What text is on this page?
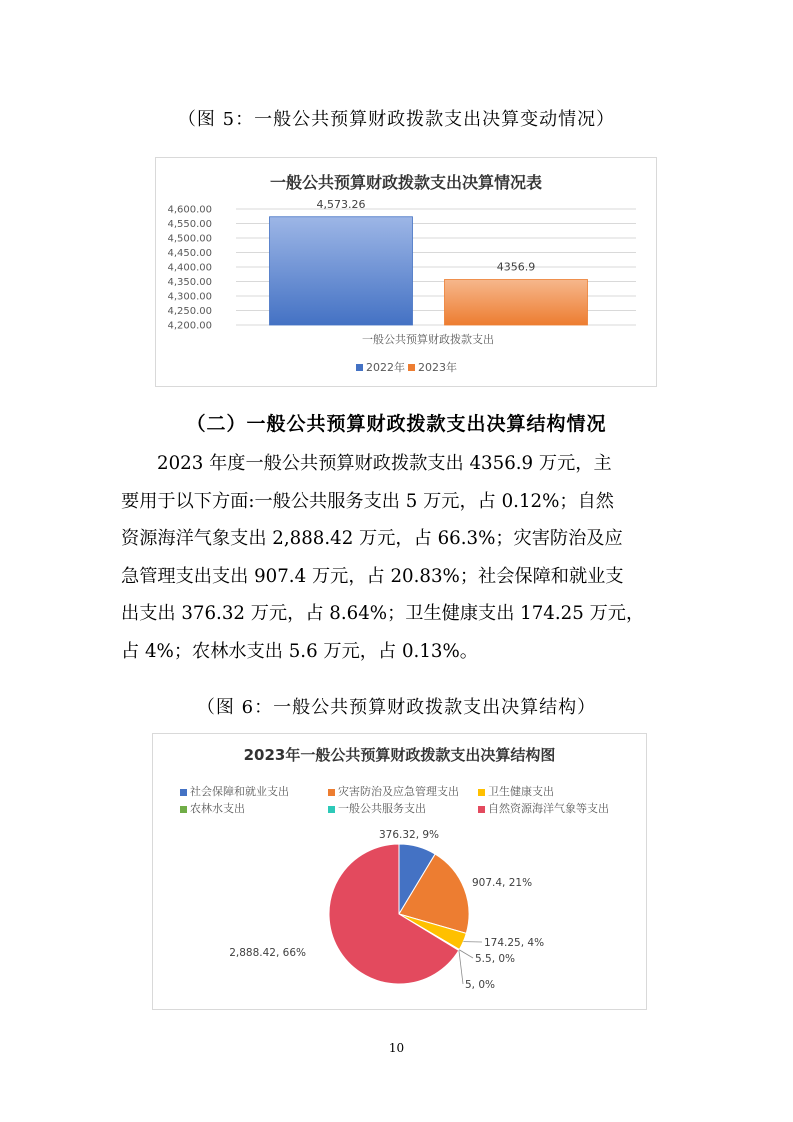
（图 5：一般公共预算财政拨款支出决算变动情况）
一般公共预算财政拨款支出决算情况表
4,600.00
4,550.00
4,500.00
4,450.00
4,400.00
4,350.00
4,300.00
4,250.00
4,200.00
4,573.26
4356.9
一般公共预算财政拨款支出
2022年 2023年
（二）一般公共预算财政拨款支出决算结构情况
2023 年度一般公共预算财政拨款支出 4356.9 万元，主
要用于以下方面:一般公共服务支出 5 万元，占 0.12%；自然
资源海洋气象支出 2,888.42 万元，占 66.3%；灾害防治及应
急管理支出支出 907.4 万元，占 20.83%；社会保障和就业支
出支出 376.32 万元，占 8.64%；卫生健康支出 174.25 万元，
占 4%；农林水支出 5.6 万元，占 0.13%。
（图 6：一般公共预算财政拨款支出决算结构）
2023年一般公共预算财政拨款支出决算结构图
社会保障和就业支出	灾害防治及应急管理支出	卫生健康支出
农林水支出	一般公共服务支出	自然资源海洋气象等支出
376.32, 9%
907.4, 21%
174.25, 4%
5.5, 0%
5, 0%
2,888.42, 66%
10
